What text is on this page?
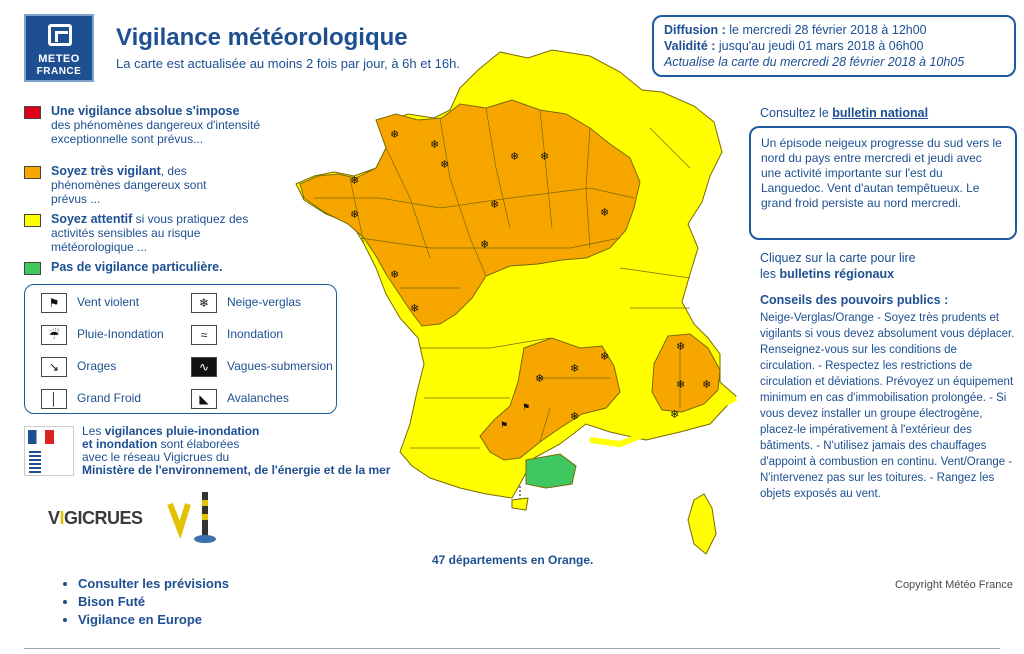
METEO
FRANCE
Vigilance météorologique
La carte est actualisée au moins 2 fois par jour, à 6h et 16h.
Diffusion : le mercredi 28 février 2018 à 12h00
Validité : jusqu'au jeudi 01 mars 2018 à 06h00
Actualise la carte du mercredi 28 février 2018 à 10h05
Une vigilance absolue s'impose
des phénomènes dangereux d'intensité exceptionnelle sont prévus...
Soyez très vigilant, des phénomènes dangereux sont prévus ...
Soyez attentif si vous pratiquez des activités sensibles au risque météorologique ...
Pas de vigilance particulière.
⚑	Vent violent	❄	Neige-verglas
☔	Pluie-Inondation	≈	Inondation
↘	Orages	∿	Vagues-submersion
│	Grand Froid	◣	Avalanches
Les vigilances pluie-inondation
et inondation sont élaborées
avec le réseau Vigicrues du
Ministère de l'environnement, de l'énergie et de la mer
VIGICRUES
❄
❄
❄ ❄
❄
❄
❄
❄
❄
❄
❄
❄
❄
❄
❄
❄
❄
❄
❄
❄
⚑
⚑
47 départements en Orange.
Consultez le bulletin national
Un épisode neigeux progresse du sud vers le nord du pays entre mercredi et jeudi avec une activité importante sur l'est du Languedoc. Vent d'autan tempêtueux. Le grand froid persiste au nord mercredi.
Cliquez sur la carte pour lire
les bulletins régionaux
Conseils des pouvoirs publics :
Neige-Verglas/Orange - Soyez très prudents et vigilants si vous devez absolument vous déplacer. Renseignez-vous sur les conditions de circulation. - Respectez les restrictions de circulation et déviations. Prévoyez un équipement minimum en cas d'immobilisation prolongée. - Si vous devez installer un groupe électrogène, placez-le impérativement à l'extérieur des bâtiments. - N'utilisez jamais des chauffages d'appoint à combustion en continu. Vent/Orange - N'intervenez pas sur les toitures. - Rangez les objets exposés au vent.
• Consulter les prévisions
• Bison Futé
• Vigilance en Europe
Copyright Météo France
